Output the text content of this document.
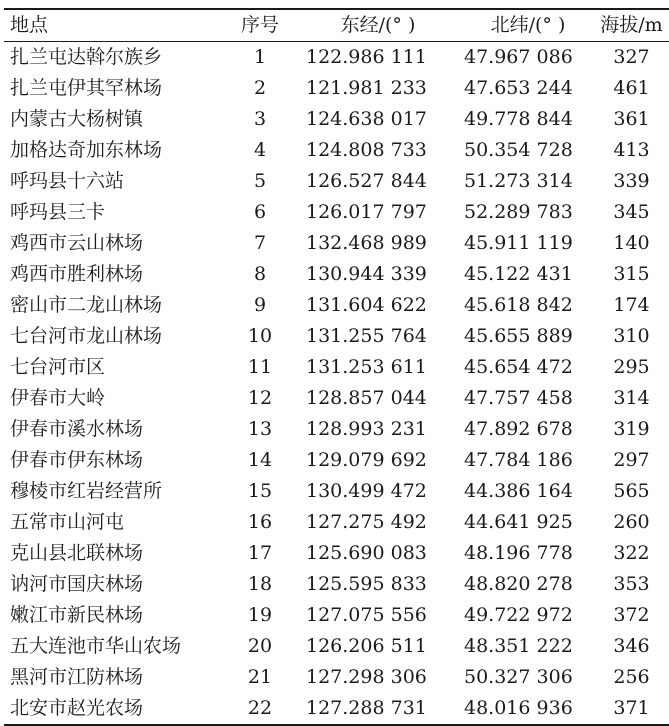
地点	序号	东经/(° )	北纬/(° )	海拔/m
扎兰屯达斡尔族乡	1	122.986 111	47.967 086	327
扎兰屯伊其罕林场	2	121.981 233	47.653 244	461
内蒙古大杨树镇	3	124.638 017	49.778 844	361
加格达奇加东林场	4	124.808 733	50.354 728	413
呼玛县十六站	5	126.527 844	51.273 314	339
呼玛县三卡	6	126.017 797	52.289 783	345
鸡西市云山林场	7	132.468 989	45.911 119	140
鸡西市胜利林场	8	130.944 339	45.122 431	315
密山市二龙山林场	9	131.604 622	45.618 842	174
七台河市龙山林场	10	131.255 764	45.655 889	310
七台河市区	11	131.253 611	45.654 472	295
伊春市大岭	12	128.857 044	47.757 458	314
伊春市溪水林场	13	128.993 231	47.892 678	319
伊春市伊东林场	14	129.079 692	47.784 186	297
穆棱市红岩经营所	15	130.499 472	44.386 164	565
五常市山河屯	16	127.275 492	44.641 925	260
克山县北联林场	17	125.690 083	48.196 778	322
讷河市国庆林场	18	125.595 833	48.820 278	353
嫩江市新民林场	19	127.075 556	49.722 972	372
五大连池市华山农场	20	126.206 511	48.351 222	346
黑河市江防林场	21	127.298 306	50.327 306	256
北安市赵光农场	22	127.288 731	48.016 936	371
